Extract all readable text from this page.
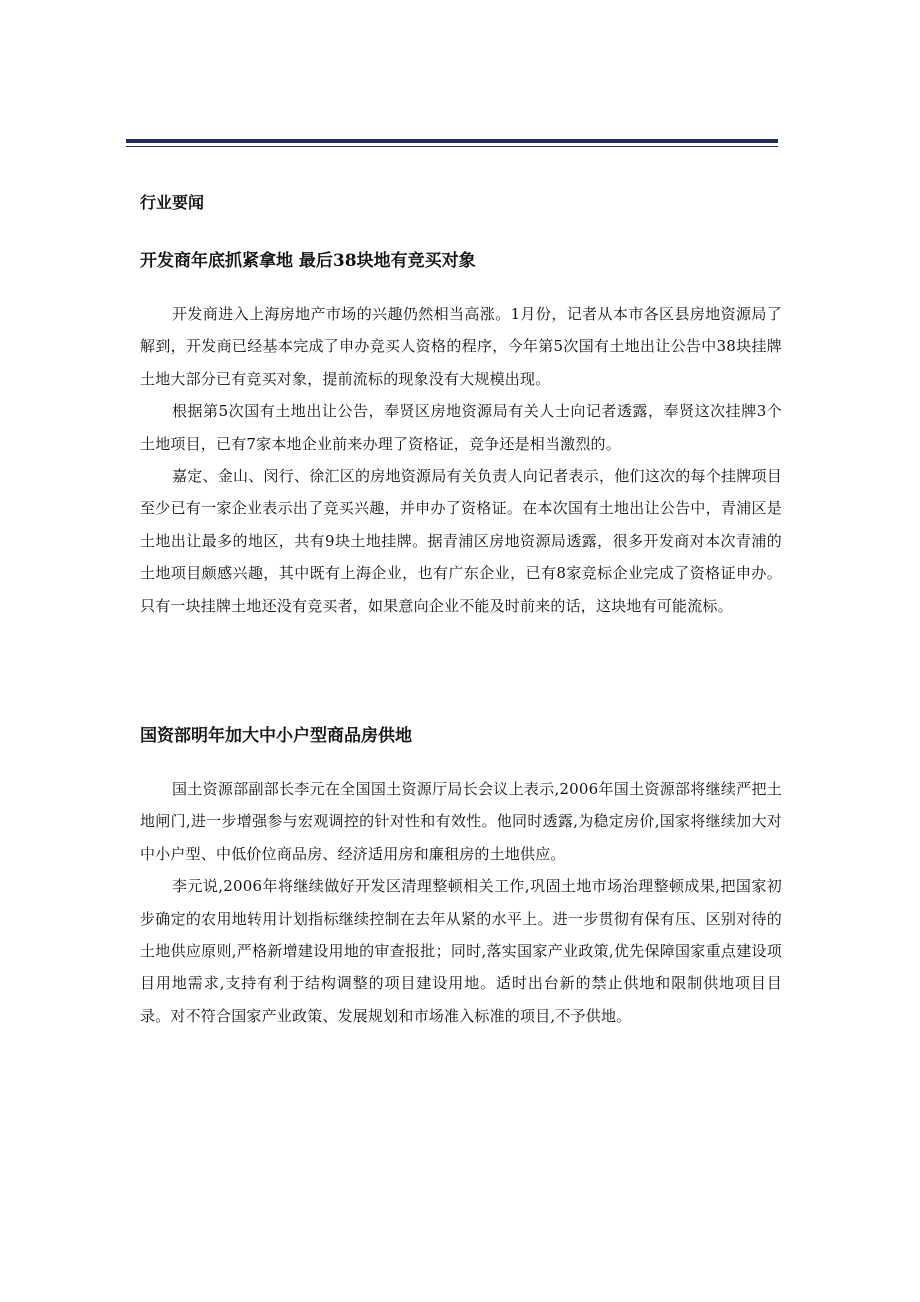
行业要闻

开发商年底抓紧拿地 最后38块地有竞买对象

开发商进入上海房地产市场的兴趣仍然相当高涨。1月份，记者从本市各区县房地资源局了解到，开发商已经基本完成了申办竞买人资格的程序，今年第5次国有土地出让公告中38块挂牌土地大部分已有竞买对象，提前流标的现象没有大规模出现。

根据第5次国有土地出让公告，奉贤区房地资源局有关人士向记者透露，奉贤这次挂牌3个土地项目，已有7家本地企业前来办理了资格证，竞争还是相当激烈的。

嘉定、金山、闵行、徐汇区的房地资源局有关负责人向记者表示，他们这次的每个挂牌项目至少已有一家企业表示出了竞买兴趣，并申办了资格证。在本次国有土地出让公告中，青浦区是土地出让最多的地区，共有9块土地挂牌。据青浦区房地资源局透露，很多开发商对本次青浦的土地项目颇感兴趣，其中既有上海企业，也有广东企业，已有8家竞标企业完成了资格证申办。只有一块挂牌土地还没有竞买者，如果意向企业不能及时前来的话，这块地有可能流标。

国资部明年加大中小户型商品房供地

国土资源部副部长李元在全国国土资源厅局长会议上表示,2006年国土资源部将继续严把土地闸门,进一步增强参与宏观调控的针对性和有效性。他同时透露,为稳定房价,国家将继续加大对中小户型、中低价位商品房、经济适用房和廉租房的土地供应。

李元说,2006年将继续做好开发区清理整顿相关工作,巩固土地市场治理整顿成果,把国家初步确定的农用地转用计划指标继续控制在去年从紧的水平上。进一步贯彻有保有压、区别对待的土地供应原则,严格新增建设用地的审查报批；同时,落实国家产业政策,优先保障国家重点建设项目用地需求,支持有利于结构调整的项目建设用地。适时出台新的禁止供地和限制供地项目目录。对不符合国家产业政策、发展规划和市场准入标准的项目,不予供地。
